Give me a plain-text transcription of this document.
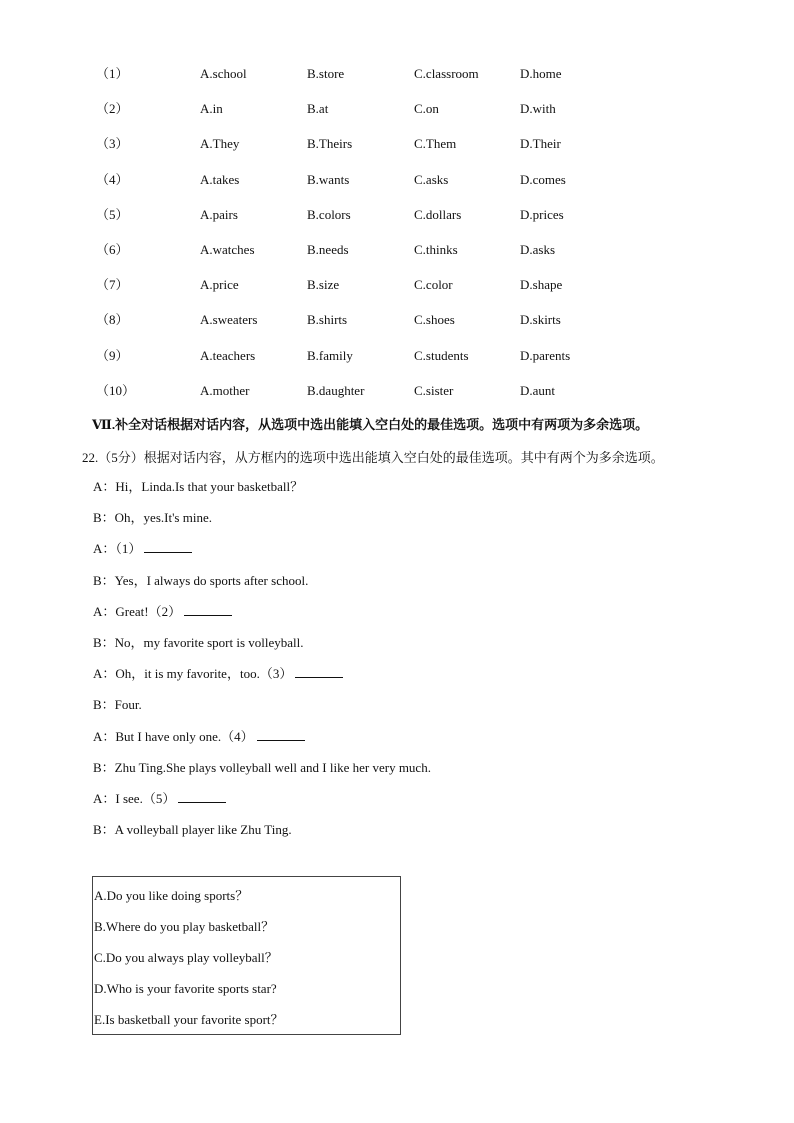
（1）	A.school	B.store	C.classroom	D.home
（2）	A.in	B.at	C.on	D.with
（3）	A.They	B.Theirs	C.Them	D.Their
（4）	A.takes	B.wants	C.asks	D.comes
（5）	A.pairs	B.colors	C.dollars	D.prices
（6）	A.watches	B.needs	C.thinks	D.asks
（7）	A.price	B.size	C.color	D.shape
（8）	A.sweaters	B.shirts	C.shoes	D.skirts
（9）	A.teachers	B.family	C.students	D.parents
（10）	A.mother	B.daughter	C.sister	D.aunt
Ⅶ.补全对话根据对话内容，从选项中选出能填入空白处的最佳选项。选项中有两项为多余选项。
22.（5分）根据对话内容，从方框内的选项中选出能填入空白处的最佳选项。其中有两个为多余选项。
A：Hi，Linda.Is that your basketball？
B：Oh，yes.It's mine.
A：（1）
B：Yes，I always do sports after school.
A：Great!（2）
B：No，my favorite sport is volleyball.
A：Oh，it is my favorite，too.（3）
B：Four.
A：But I have only one.（4）
B：Zhu Ting.She plays volleyball well and I like her very much.
A：I see.（5）
B：A volleyball player like Zhu Ting.
A.Do you like doing sports？
B.Where do you play basketball？
C.Do you always play volleyball？
D.Who is your favorite sports star?
E.Is basketball your favorite sport？
